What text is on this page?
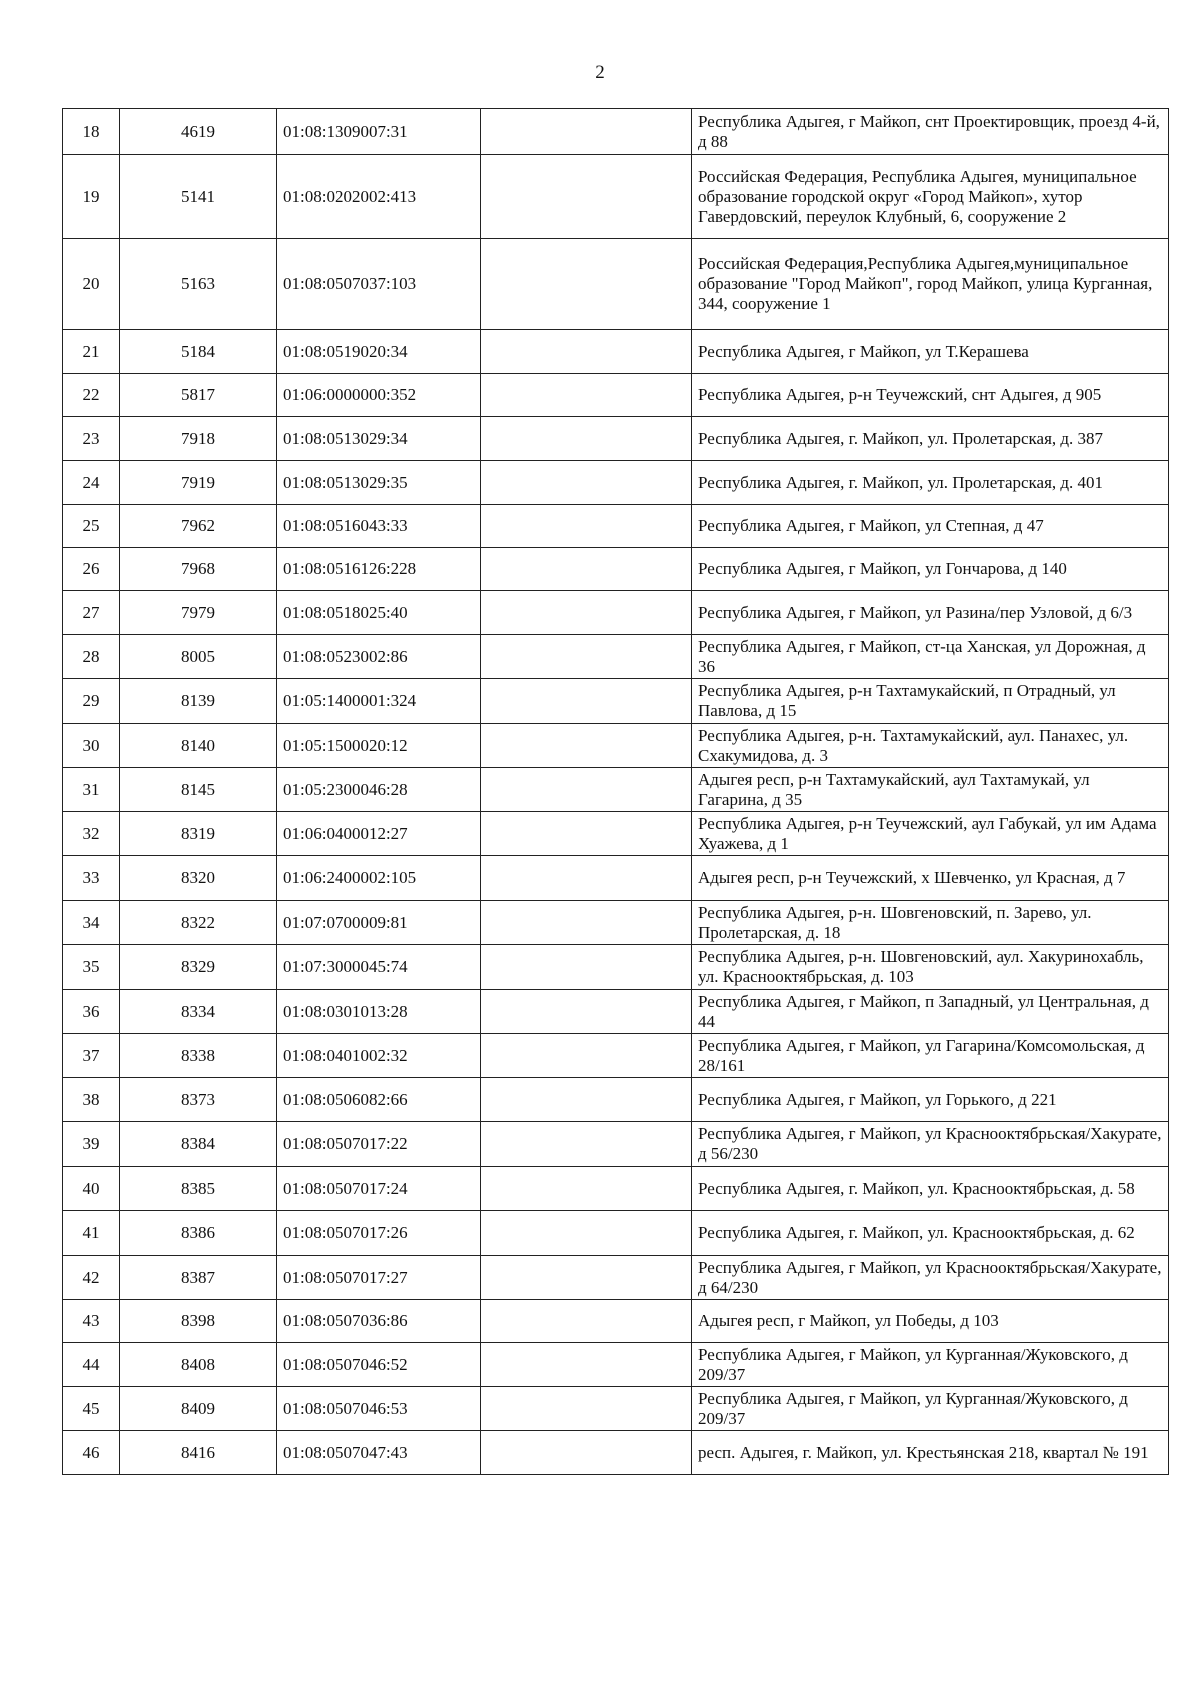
2
18	4619	01:08:1309007:31		Республика Адыгея, г Майкоп, снт Проектировщик, проезд 4-й, д 88
19	5141	01:08:0202002:413		Российская Федерация, Республика Адыгея, муниципальное образование городской округ «Город Майкоп», хутор Гавердовский, переулок Клубный, 6, сооружение 2
20	5163	01:08:0507037:103		Российская Федерация,Республика Адыгея,муниципальное образование "Город Майкоп", город Майкоп, улица Курганная, 344, сооружение 1
21	5184	01:08:0519020:34		Республика Адыгея, г Майкоп, ул Т.Керашева
22	5817	01:06:0000000:352		Республика Адыгея, р-н Теучежский, снт Адыгея, д 905
23	7918	01:08:0513029:34		Республика Адыгея, г. Майкоп, ул. Пролетарская, д. 387
24	7919	01:08:0513029:35		Республика Адыгея, г. Майкоп, ул. Пролетарская, д. 401
25	7962	01:08:0516043:33		Республика Адыгея, г Майкоп, ул Степная, д 47
26	7968	01:08:0516126:228		Республика Адыгея, г Майкоп, ул Гончарова, д 140
27	7979	01:08:0518025:40		Республика Адыгея, г Майкоп, ул Разина/пер Узловой, д 6/3
28	8005	01:08:0523002:86		Республика Адыгея, г Майкоп, ст-ца Ханская, ул Дорожная, д 36
29	8139	01:05:1400001:324		Республика Адыгея, р-н Тахтамукайский, п Отрадный, ул Павлова, д 15
30	8140	01:05:1500020:12		Республика Адыгея, р-н. Тахтамукайский, аул. Панахес, ул. Схакумидова, д. 3
31	8145	01:05:2300046:28		Адыгея респ, р-н Тахтамукайский, аул Тахтамукай, ул Гагарина, д 35
32	8319	01:06:0400012:27		Республика Адыгея, р-н Теучежский, аул Габукай, ул им Адама Хуажева, д 1
33	8320	01:06:2400002:105		Адыгея респ, р-н Теучежский, х Шевченко, ул Красная, д 7
34	8322	01:07:0700009:81		Республика Адыгея, р-н. Шовгеновский, п. Зарево, ул. Пролетарская, д. 18
35	8329	01:07:3000045:74		Республика Адыгея, р-н. Шовгеновский, аул. Хакуринохабль, ул. Краснооктябрьская, д. 103
36	8334	01:08:0301013:28		Республика Адыгея, г Майкоп, п Западный, ул Центральная, д 44
37	8338	01:08:0401002:32		Республика Адыгея, г Майкоп, ул Гагарина/Комсомольская, д 28/161
38	8373	01:08:0506082:66		Республика Адыгея, г Майкоп, ул Горького, д 221
39	8384	01:08:0507017:22		Республика Адыгея, г Майкоп, ул Краснооктябрьская/Хакурате, д 56/230
40	8385	01:08:0507017:24		Республика Адыгея, г. Майкоп, ул. Краснооктябрьская, д. 58
41	8386	01:08:0507017:26		Республика Адыгея, г. Майкоп, ул. Краснооктябрьская, д. 62
42	8387	01:08:0507017:27		Республика Адыгея, г Майкоп, ул Краснооктябрьская/Хакурате, д 64/230
43	8398	01:08:0507036:86		Адыгея респ, г Майкоп, ул Победы, д 103
44	8408	01:08:0507046:52		Республика Адыгея, г Майкоп, ул Курганная/Жуковского, д 209/37
45	8409	01:08:0507046:53		Республика Адыгея, г Майкоп, ул Курганная/Жуковского, д 209/37
46	8416	01:08:0507047:43		респ. Адыгея, г. Майкоп, ул. Крестьянская 218, квартал № 191
